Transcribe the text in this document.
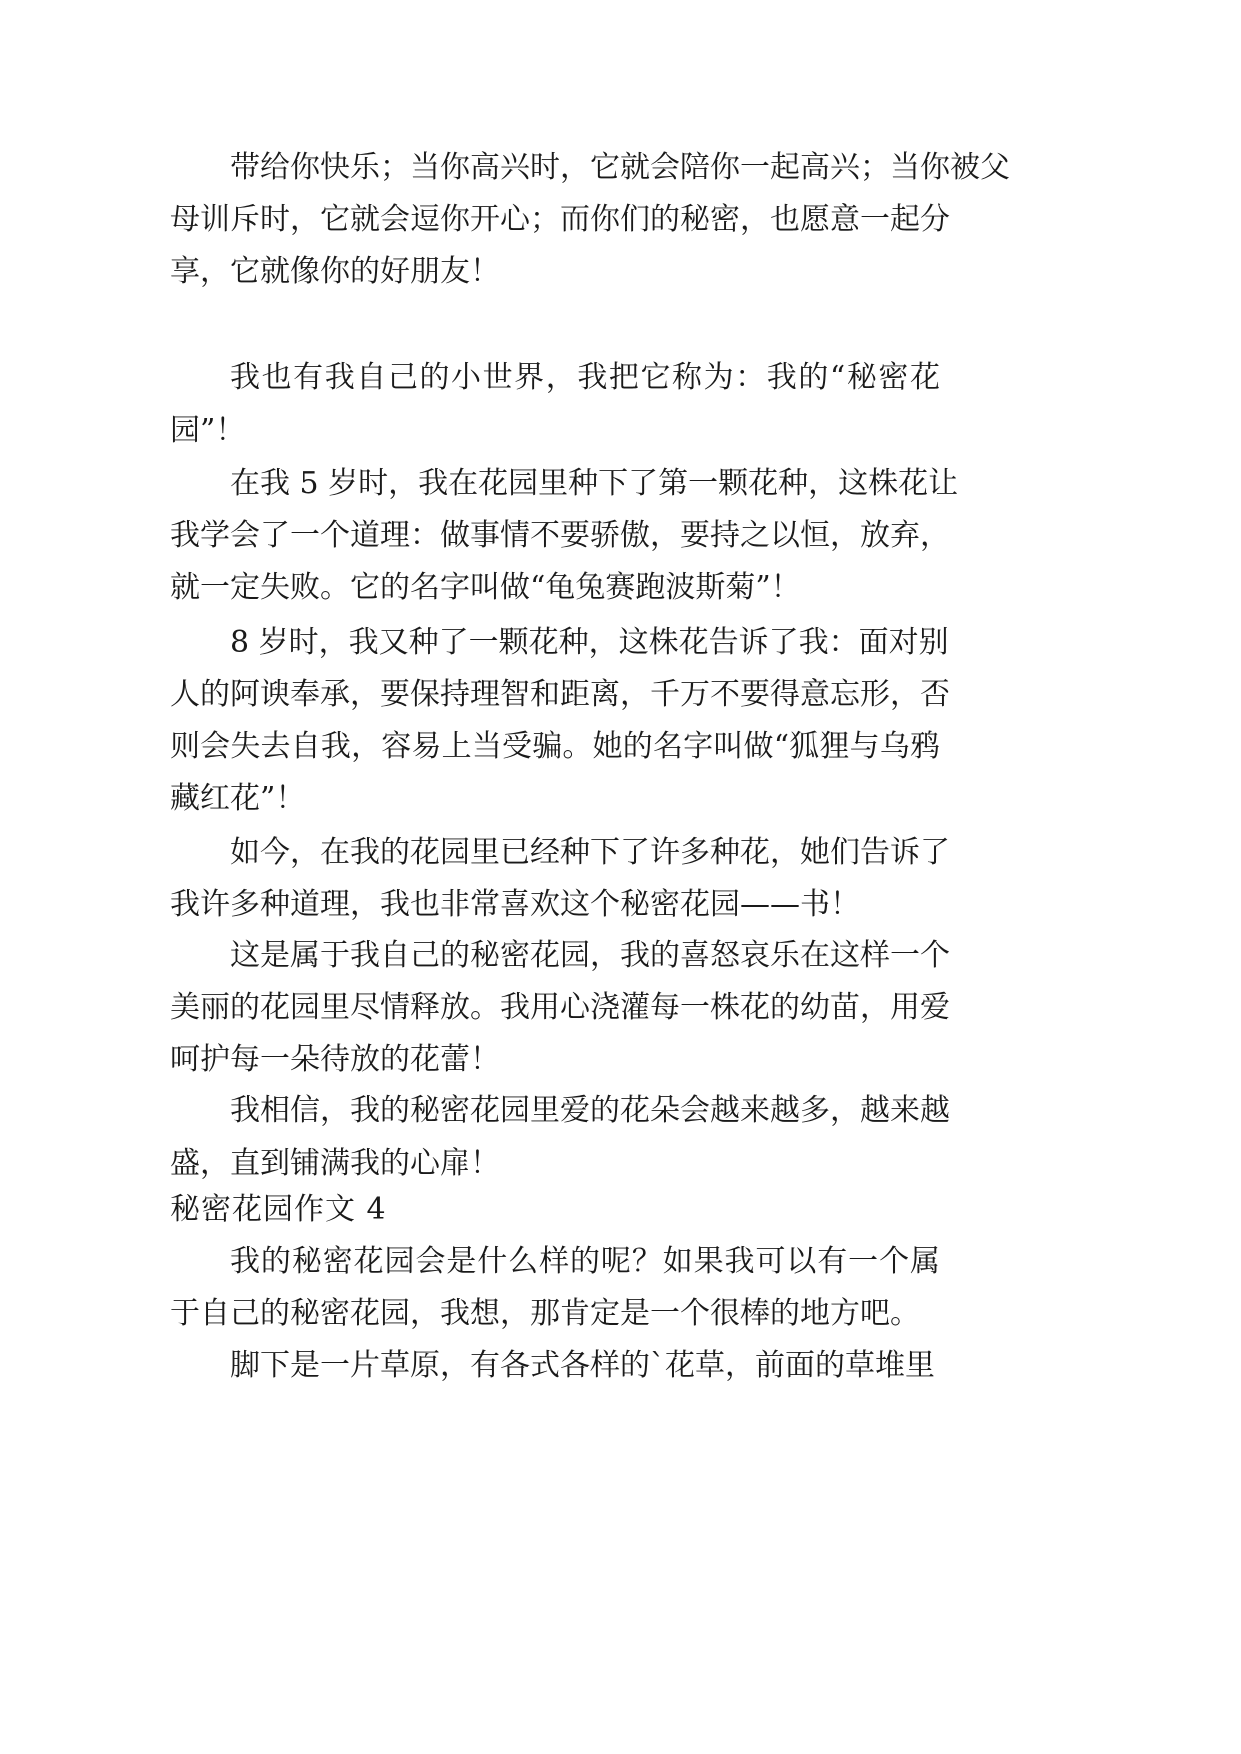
带给你快乐；当你高兴时，它就会陪你一起高兴；当你被父
母训斥时，它就会逗你开心；而你们的秘密，也愿意一起分
享，它就像你的好朋友！
我也有我自己的小世界，我把它称为：我的“秘密花
园”！
在我 5 岁时，我在花园里种下了第一颗花种，这株花让
我学会了一个道理：做事情不要骄傲，要持之以恒，放弃，
就一定失败。它的名字叫做“龟兔赛跑波斯菊”！
8 岁时，我又种了一颗花种，这株花告诉了我：面对别
人的阿谀奉承，要保持理智和距离，千万不要得意忘形，否
则会失去自我，容易上当受骗。她的名字叫做“狐狸与乌鸦
藏红花”！
如今，在我的花园里已经种下了许多种花，她们告诉了
我许多种道理，我也非常喜欢这个秘密花园——书！
这是属于我自己的秘密花园，我的喜怒哀乐在这样一个
美丽的花园里尽情释放。我用心浇灌每一株花的幼苗，用爱
呵护每一朵待放的花蕾！
我相信，我的秘密花园里爱的花朵会越来越多，越来越
盛，直到铺满我的心扉！
秘密花园作文 4
我的秘密花园会是什么样的呢？如果我可以有一个属
于自己的秘密花园，我想，那肯定是一个很棒的地方吧。
脚下是一片草原，有各式各样的`花草，前面的草堆里
